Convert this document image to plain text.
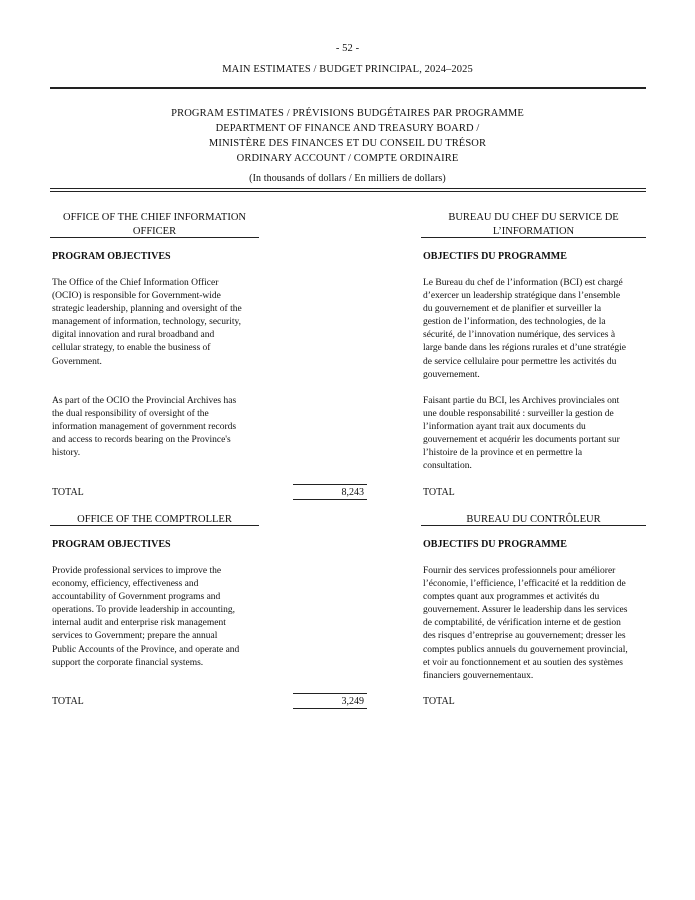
- 52 -
MAIN ESTIMATES / BUDGET PRINCIPAL, 2024–2025
PROGRAM ESTIMATES / PRÉVISIONS BUDGÉTAIRES PAR PROGRAMME
DEPARTMENT OF FINANCE AND TREASURY BOARD /
MINISTÈRE DES FINANCES ET DU CONSEIL DU TRÉSOR
ORDINARY ACCOUNT / COMPTE ORDINAIRE
(In thousands of dollars / En milliers de dollars)
OFFICE OF THE CHIEF INFORMATION
OFFICER
BUREAU DU CHEF DU SERVICE DE
L’INFORMATION
PROGRAM OBJECTIVES	OBJECTIFS DU PROGRAMME
The Office of the Chief Information Officer
(OCIO) is responsible for Government-wide
strategic leadership, planning and oversight of the
management of information, technology, security,
digital innovation and rural broadband and
cellular strategy, to enable the business of
Government.
As part of the OCIO the Provincial Archives has
the dual responsibility of oversight of the
information management of government records
and access to records bearing on the Province's
history.
Le Bureau du chef de l’information (BCI) est chargé
d’exercer un leadership stratégique dans l’ensemble
du gouvernement et de planifier et surveiller la
gestion de l’information, des technologies, de la
sécurité, de l’innovation numérique, des services à
large bande dans les régions rurales et d’une stratégie
de service cellulaire pour permettre les activités du
gouvernement.
Faisant partie du BCI, les Archives provinciales ont
une double responsabilité : surveiller la gestion de
l’information ayant trait aux documents du
gouvernement et acquérir les documents portant sur
l’histoire de la province et en permettre la
consultation.
TOTAL	8,243	TOTAL
OFFICE OF THE COMPTROLLER	BUREAU DU CONTRÔLEUR
PROGRAM OBJECTIVES	OBJECTIFS DU PROGRAMME
Provide professional services to improve the
economy, efficiency, effectiveness and
accountability of Government programs and
operations. To provide leadership in accounting,
internal audit and enterprise risk management
services to Government; prepare the annual
Public Accounts of the Province, and operate and
support the corporate financial systems.
Fournir des services professionnels pour améliorer
l’économie, l’efficience, l’efficacité et la reddition de
comptes quant aux programmes et activités du
gouvernement. Assurer le leadership dans les services
de comptabilité, de vérification interne et de gestion
des risques d’entreprise au gouvernement; dresser les
comptes publics annuels du gouvernement provincial,
et voir au fonctionnement et au soutien des systèmes
financiers gouvernementaux.
TOTAL	3,249	TOTAL
